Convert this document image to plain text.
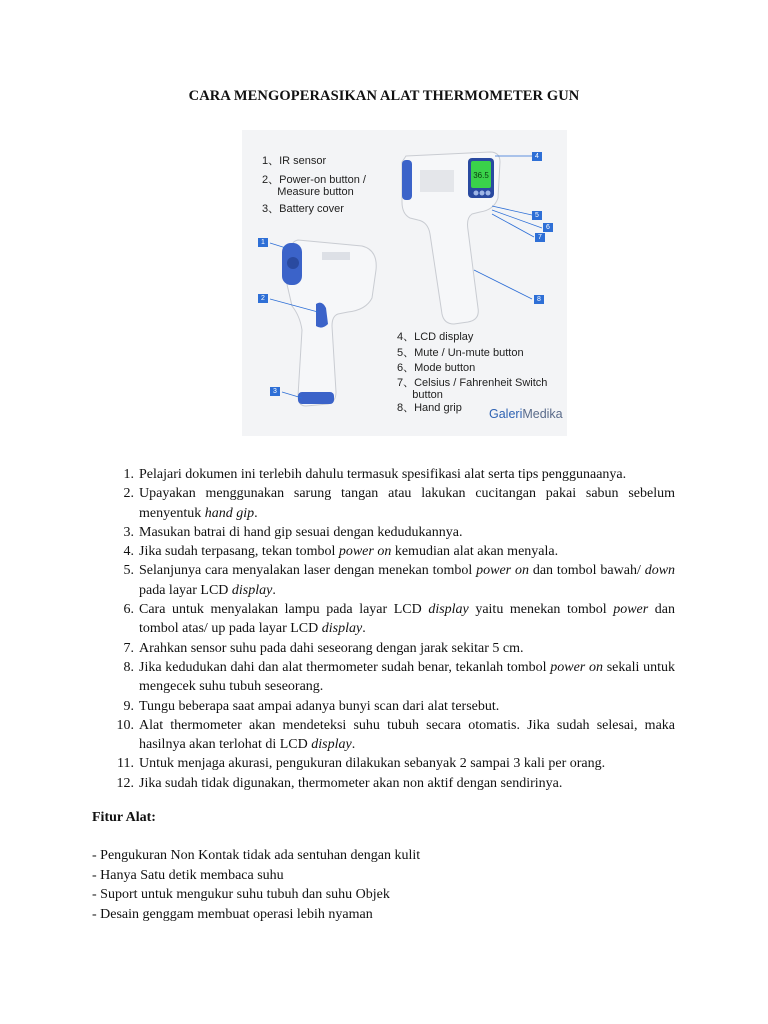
CARA MENGOPERASIKAN ALAT THERMOMETER GUN
36.5
1、IR sensor
2、Power-on button /
Measure button
3、Battery cover
4、LCD display
5、Mute / Un-mute button
6、Mode button
7、Celsius / Fahrenheit Switch
button
8、Hand grip
1
2
3
4
5
6
7
8
GaleriMedika
1. Pelajari dokumen ini terlebih dahulu termasuk spesifikasi alat serta tips penggunaanya.
2. Upayakan menggunakan sarung tangan atau lakukan cucitangan pakai sabun sebelum menyentuk hand gip.
3. Masukan batrai di hand gip sesuai dengan kedudukannya.
4. Jika sudah terpasang, tekan tombol power on kemudian alat akan menyala.
5. Selanjunya cara menyalakan laser dengan menekan tombol power on dan tombol bawah/ down pada layar LCD display.
6. Cara untuk menyalakan lampu pada layar LCD display yaitu menekan tombol power dan tombol atas/ up pada layar LCD display.
7. Arahkan sensor suhu pada dahi seseorang dengan jarak sekitar 5 cm.
8. Jika kedudukan dahi dan alat thermometer sudah benar, tekanlah tombol power on sekali untuk mengecek suhu tubuh seseorang.
9. Tungu beberapa saat ampai adanya bunyi scan dari alat tersebut.
10. Alat thermometer akan mendeteksi suhu tubuh secara otomatis. Jika sudah selesai, maka hasilnya akan terlohat di LCD display.
11. Untuk menjaga akurasi, pengukuran dilakukan sebanyak 2 sampai 3 kali per orang.
12. Jika sudah tidak digunakan, thermometer akan non aktif dengan sendirinya.
Fitur Alat:
- Pengukuran Non Kontak tidak ada sentuhan dengan kulit
- Hanya Satu detik membaca suhu
- Suport untuk mengukur suhu tubuh dan suhu Objek
- Desain genggam membuat operasi lebih nyaman
